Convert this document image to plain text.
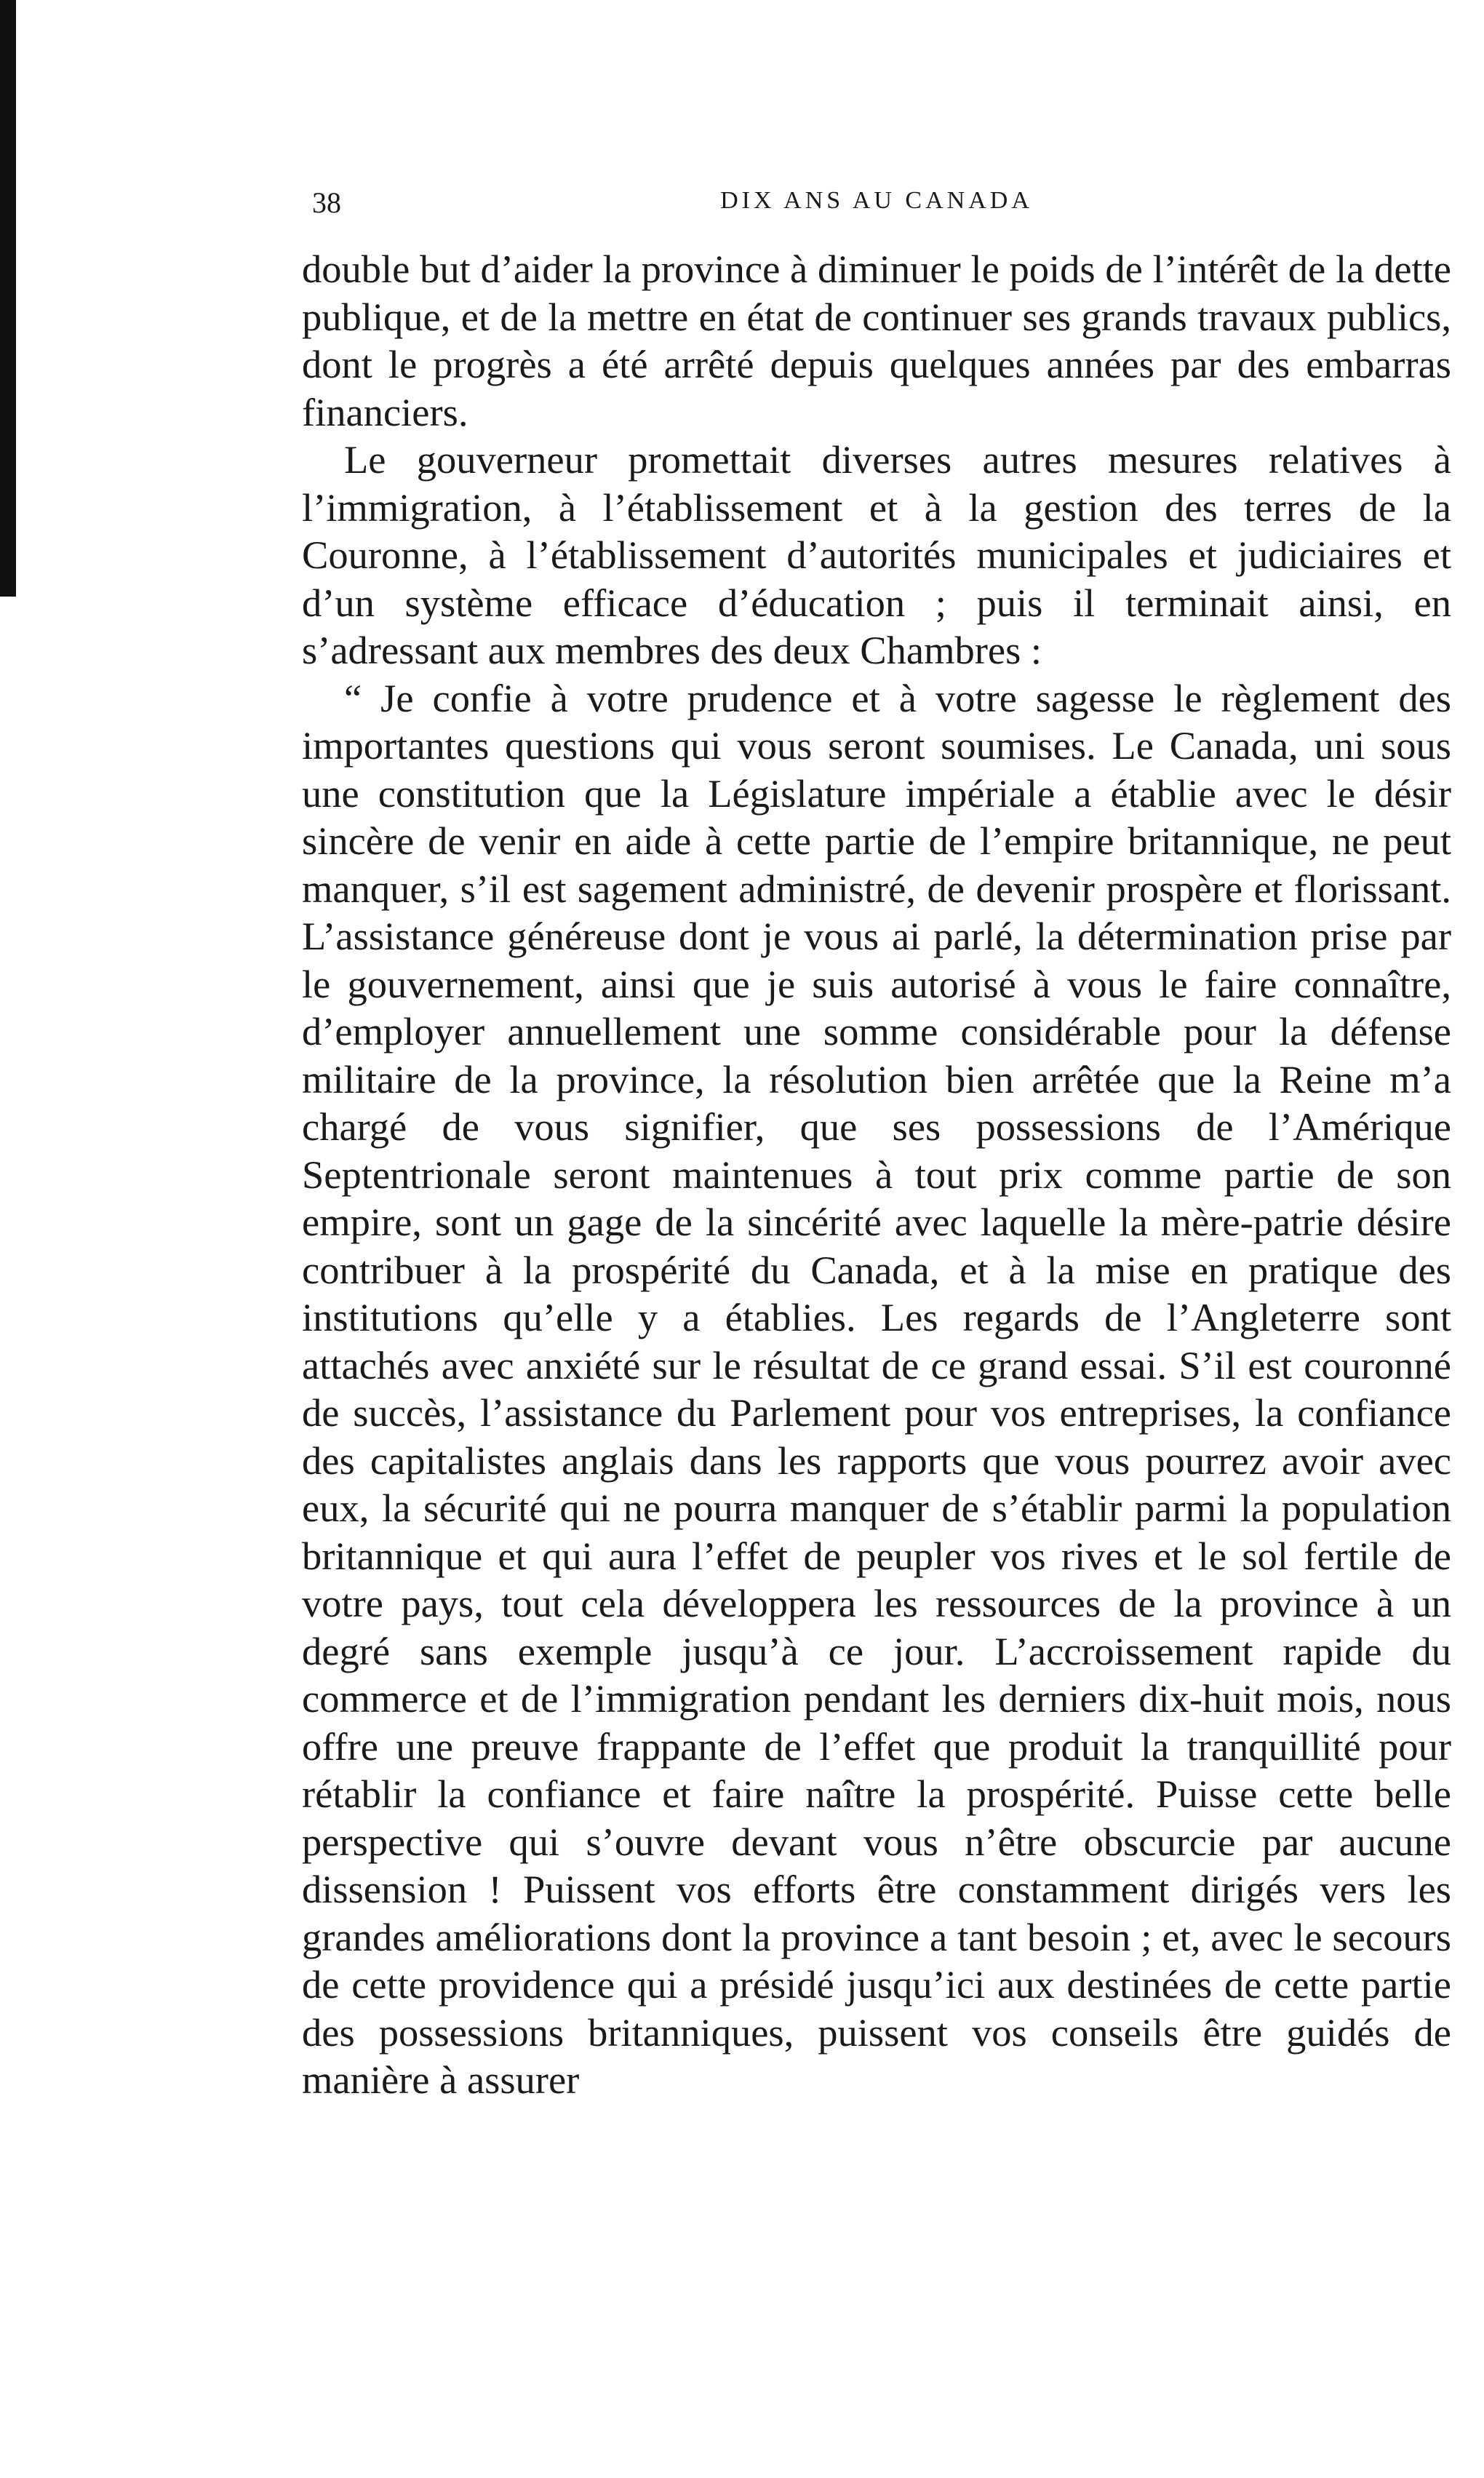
38	DIX ANS AU CANADA

double but d’aider la province à diminuer le poids de l’intérêt de la dette publique, et de la mettre en état de continuer ses grands travaux publics, dont le progrès a été arrêté depuis quelques années par des embarras financiers.

Le gouverneur promettait diverses autres mesures relatives à l’immigration, à l’établissement et à la gestion des terres de la Couronne, à l’établissement d’autorités municipales et judiciaires et d’un système efficace d’éducation ; puis il terminait ainsi, en s’adressant aux membres des deux Chambres :

“ Je confie à votre prudence et à votre sagesse le règlement des importantes questions qui vous seront soumises. Le Canada, uni sous une constitution que la Législature impériale a établie avec le désir sincère de venir en aide à cette partie de l’empire britannique, ne peut manquer, s’il est sagement administré, de devenir prospère et florissant. L’assistance généreuse dont je vous ai parlé, la détermination prise par le gouvernement, ainsi que je suis autorisé à vous le faire connaître, d’employer annuellement une somme considérable pour la défense militaire de la province, la résolution bien arrêtée que la Reine m’a chargé de vous signifier, que ses possessions de l’Amérique Septentrionale seront maintenues à tout prix comme partie de son empire, sont un gage de la sincérité avec laquelle la mère-patrie désire contribuer à la prospérité du Canada, et à la mise en pratique des institutions qu’elle y a établies. Les regards de l’Angleterre sont attachés avec anxiété sur le résultat de ce grand essai. S’il est couronné de succès, l’assistance du Parlement pour vos entreprises, la confiance des capitalistes anglais dans les rapports que vous pourrez avoir avec eux, la sécurité qui ne pourra manquer de s’établir parmi la population britannique et qui aura l’effet de peupler vos rives et le sol fertile de votre pays, tout cela développera les ressources de la province à un degré sans exemple jusqu’à ce jour. L’accroissement rapide du commerce et de l’immigration pendant les derniers dix-huit mois, nous offre une preuve frappante de l’effet que produit la tranquillité pour rétablir la confiance et faire naître la prospérité. Puisse cette belle perspective qui s’ouvre devant vous n’être obscurcie par aucune dissension ! Puissent vos efforts être constamment dirigés vers les grandes améliorations dont la province a tant besoin ; et, avec le secours de cette providence qui a présidé jusqu’ici aux destinées de cette partie des possessions britanniques, puissent vos conseils être guidés de manière à assurer
